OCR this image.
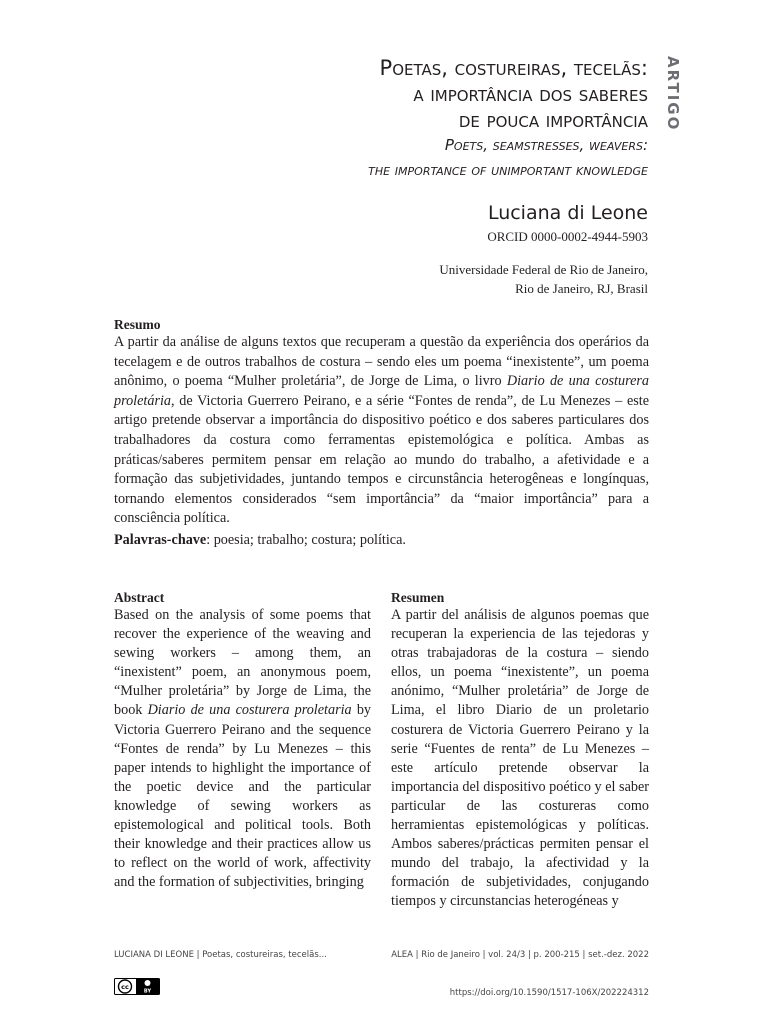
ARTIGO
Poetas, costureiras, tecelãs:
a importância dos saberes
de pouca importância
Poets, seamstresses, weavers:
the importance of unimportant knowledge
Luciana di Leone
ORCID 0000-0002-4944-5903
Universidade Federal de Rio de Janeiro,
Rio de Janeiro, RJ, Brasil
Resumo

A partir da análise de alguns textos que recuperam a questão da experiência dos operários da tecelagem e de outros trabalhos de costura – sendo eles um poema “inexistente”, um poema anônimo, o poema “Mulher proletária”, de Jorge de Lima, o livro Diario de una costurera proletária, de Victoria Guerrero Peirano, e a série “Fontes de renda”, de Lu Menezes – este artigo pretende observar a importância do dispositivo poético e dos saberes particulares dos trabalhadores da costura como ferramentas epistemológica e política. Ambas as práticas/saberes permitem pensar em relação ao mundo do trabalho, a afetividade e a formação das subjetividades, juntando tempos e circunstância heterogêneas e longínquas, tornando elementos considerados “sem importância” da “maior importância” para a consciência política.

Palavras-chave: poesia; trabalho; costura; política.
Abstract

Based on the analysis of some poems that recover the experience of the weaving and sewing workers – among them, an “inexistent” poem, an anonymous poem, “Mulher proletária” by Jorge de Lima, the book Diario de una costurera proletaria by Victoria Guerrero Peirano and the sequence “Fontes de renda” by Lu Menezes – this paper intends to highlight the importance of the poetic device and the particular knowledge of sewing workers as epistemological and political tools. Both their knowledge and their practices allow us to reflect on the world of work, affectivity and the formation of subjectivities, bringing

Resumen

A partir del análisis de algunos poemas que recuperan la experiencia de las tejedoras y otras trabajadoras de la costura – siendo ellos, un poema “inexistente”, un poema anónimo, “Mulher proletária” de Jorge de Lima, el libro Diario de un proletario costurera de Victoria Guerrero Peirano y la serie “Fuentes de renta” de Lu Menezes – este artículo pretende observar la importancia del dispositivo poético y el saber particular de las costureras como herramientas epistemológicas y políticas. Ambos saberes/prácticas permiten pensar el mundo del trabajo, la afectividad y la formación de subjetividades, conjugando tiempos y circunstancias heterogéneas y

LUCIANA DI LEONE | Poetas, costureiras, tecelãs...	ALEA | Rio de Janeiro | vol. 24/3 | p. 200-215 | set.-dez. 2022
cc
BY	https://doi.org/10.1590/1517-106X/202224312
